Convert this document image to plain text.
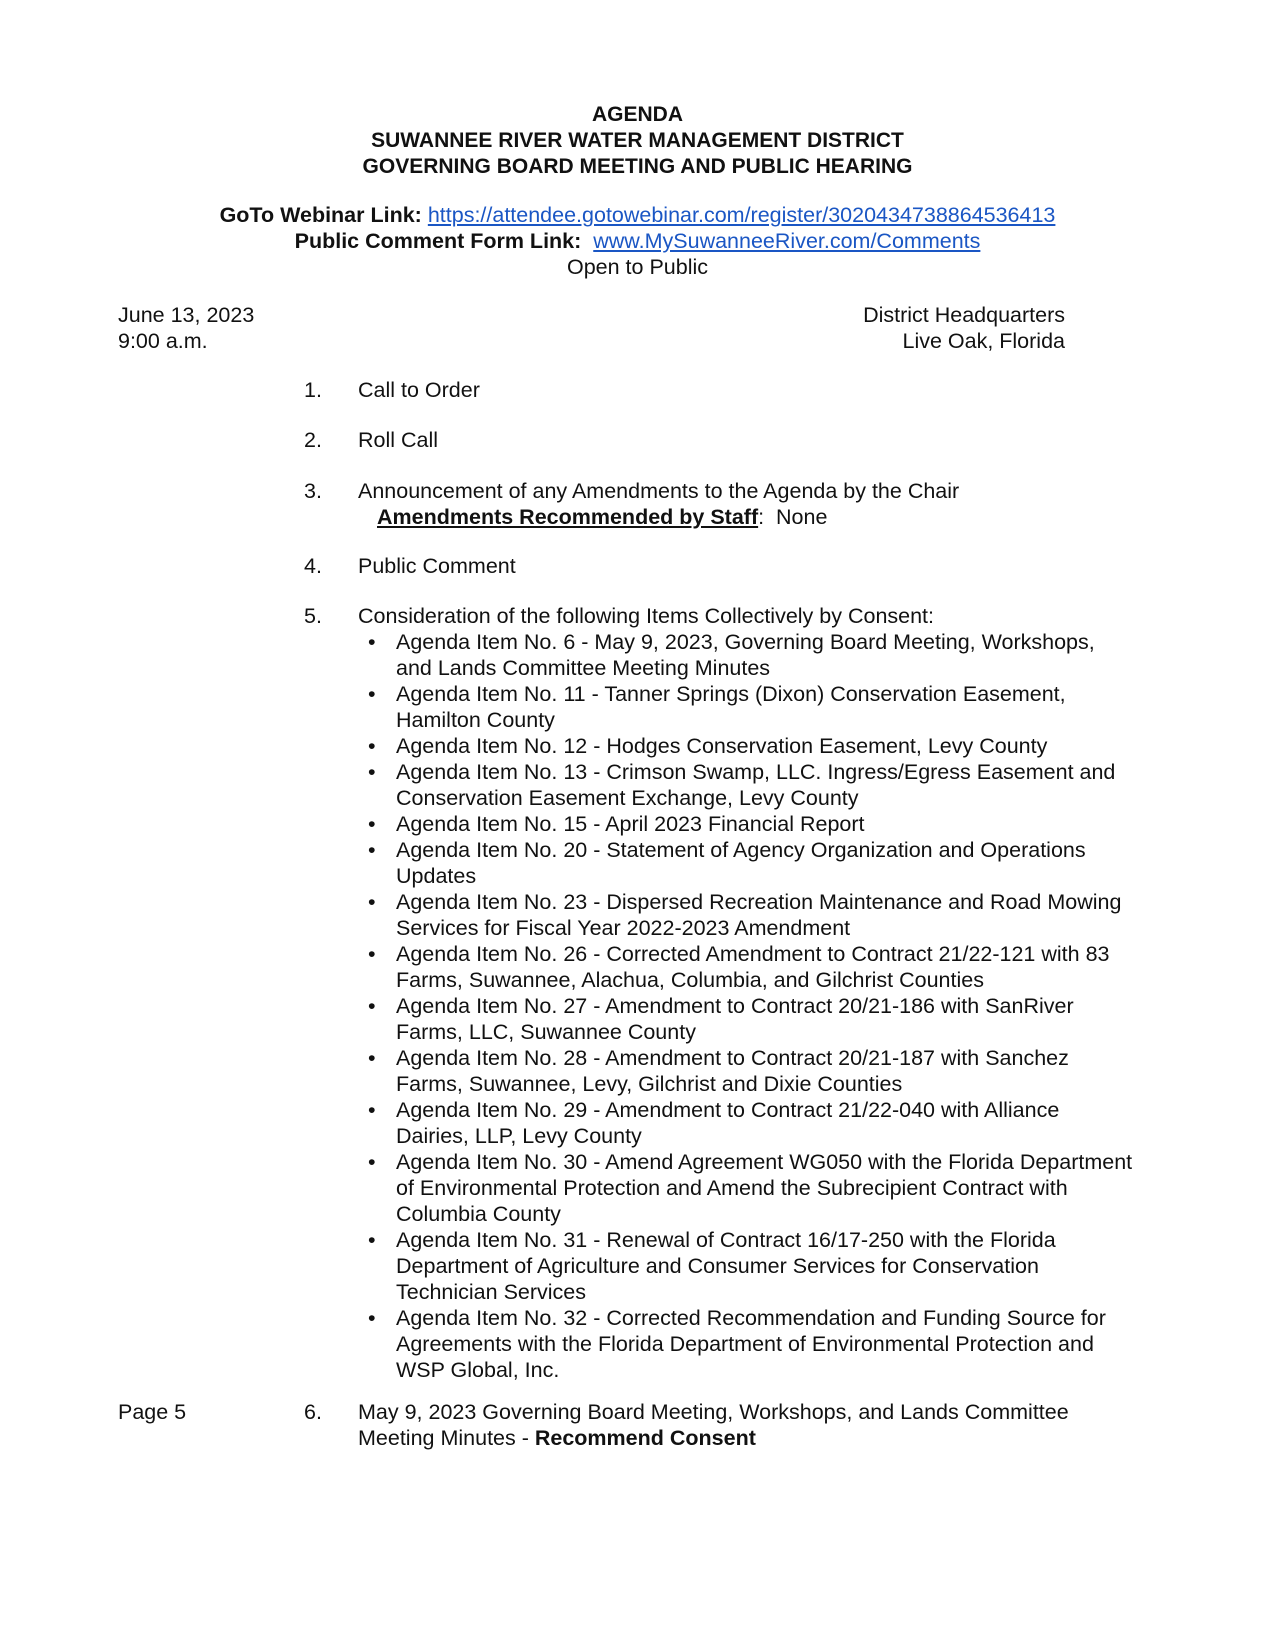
AGENDA
SUWANNEE RIVER WATER MANAGEMENT DISTRICT
GOVERNING BOARD MEETING AND PUBLIC HEARING
GoTo Webinar Link: https://attendee.gotowebinar.com/register/3020434738864536413
Public Comment Form Link: www.MySuwanneeRiver.com/Comments
Open to Public
June 13, 2023
9:00 a.m.
District Headquarters
Live Oak, Florida
1. Call to Order
2. Roll Call
3. Announcement of any Amendments to the Agenda by the Chair
Amendments Recommended by Staff:  None
4. Public Comment
5. Consideration of the following Items Collectively by Consent:
• Agenda Item No. 6 - May 9, 2023, Governing Board Meeting, Workshops, and Lands Committee Meeting Minutes
• Agenda Item No. 11 - Tanner Springs (Dixon) Conservation Easement, Hamilton County
• Agenda Item No. 12 - Hodges Conservation Easement, Levy County
• Agenda Item No. 13 - Crimson Swamp, LLC. Ingress/Egress Easement and Conservation Easement Exchange, Levy County
• Agenda Item No. 15 - April 2023 Financial Report
• Agenda Item No. 20 - Statement of Agency Organization and Operations Updates
• Agenda Item No. 23 - Dispersed Recreation Maintenance and Road Mowing Services for Fiscal Year 2022-2023 Amendment
• Agenda Item No. 26 - Corrected Amendment to Contract 21/22-121 with 83 Farms, Suwannee, Alachua, Columbia, and Gilchrist Counties
• Agenda Item No. 27 - Amendment to Contract 20/21-186 with SanRiver Farms, LLC, Suwannee County
• Agenda Item No. 28 - Amendment to Contract 20/21-187 with Sanchez Farms, Suwannee, Levy, Gilchrist and Dixie Counties
• Agenda Item No. 29 - Amendment to Contract 21/22-040 with Alliance Dairies, LLP, Levy County
• Agenda Item No. 30 - Amend Agreement WG050 with the Florida Department of Environmental Protection and Amend the Subrecipient Contract with Columbia County
• Agenda Item No. 31 - Renewal of Contract 16/17-250 with the Florida Department of Agriculture and Consumer Services for Conservation Technician Services
• Agenda Item No. 32 - Corrected Recommendation and Funding Source for Agreements with the Florida Department of Environmental Protection and WSP Global, Inc.
Page 5	6. May 9, 2023 Governing Board Meeting, Workshops, and Lands Committee Meeting Minutes - Recommend Consent
